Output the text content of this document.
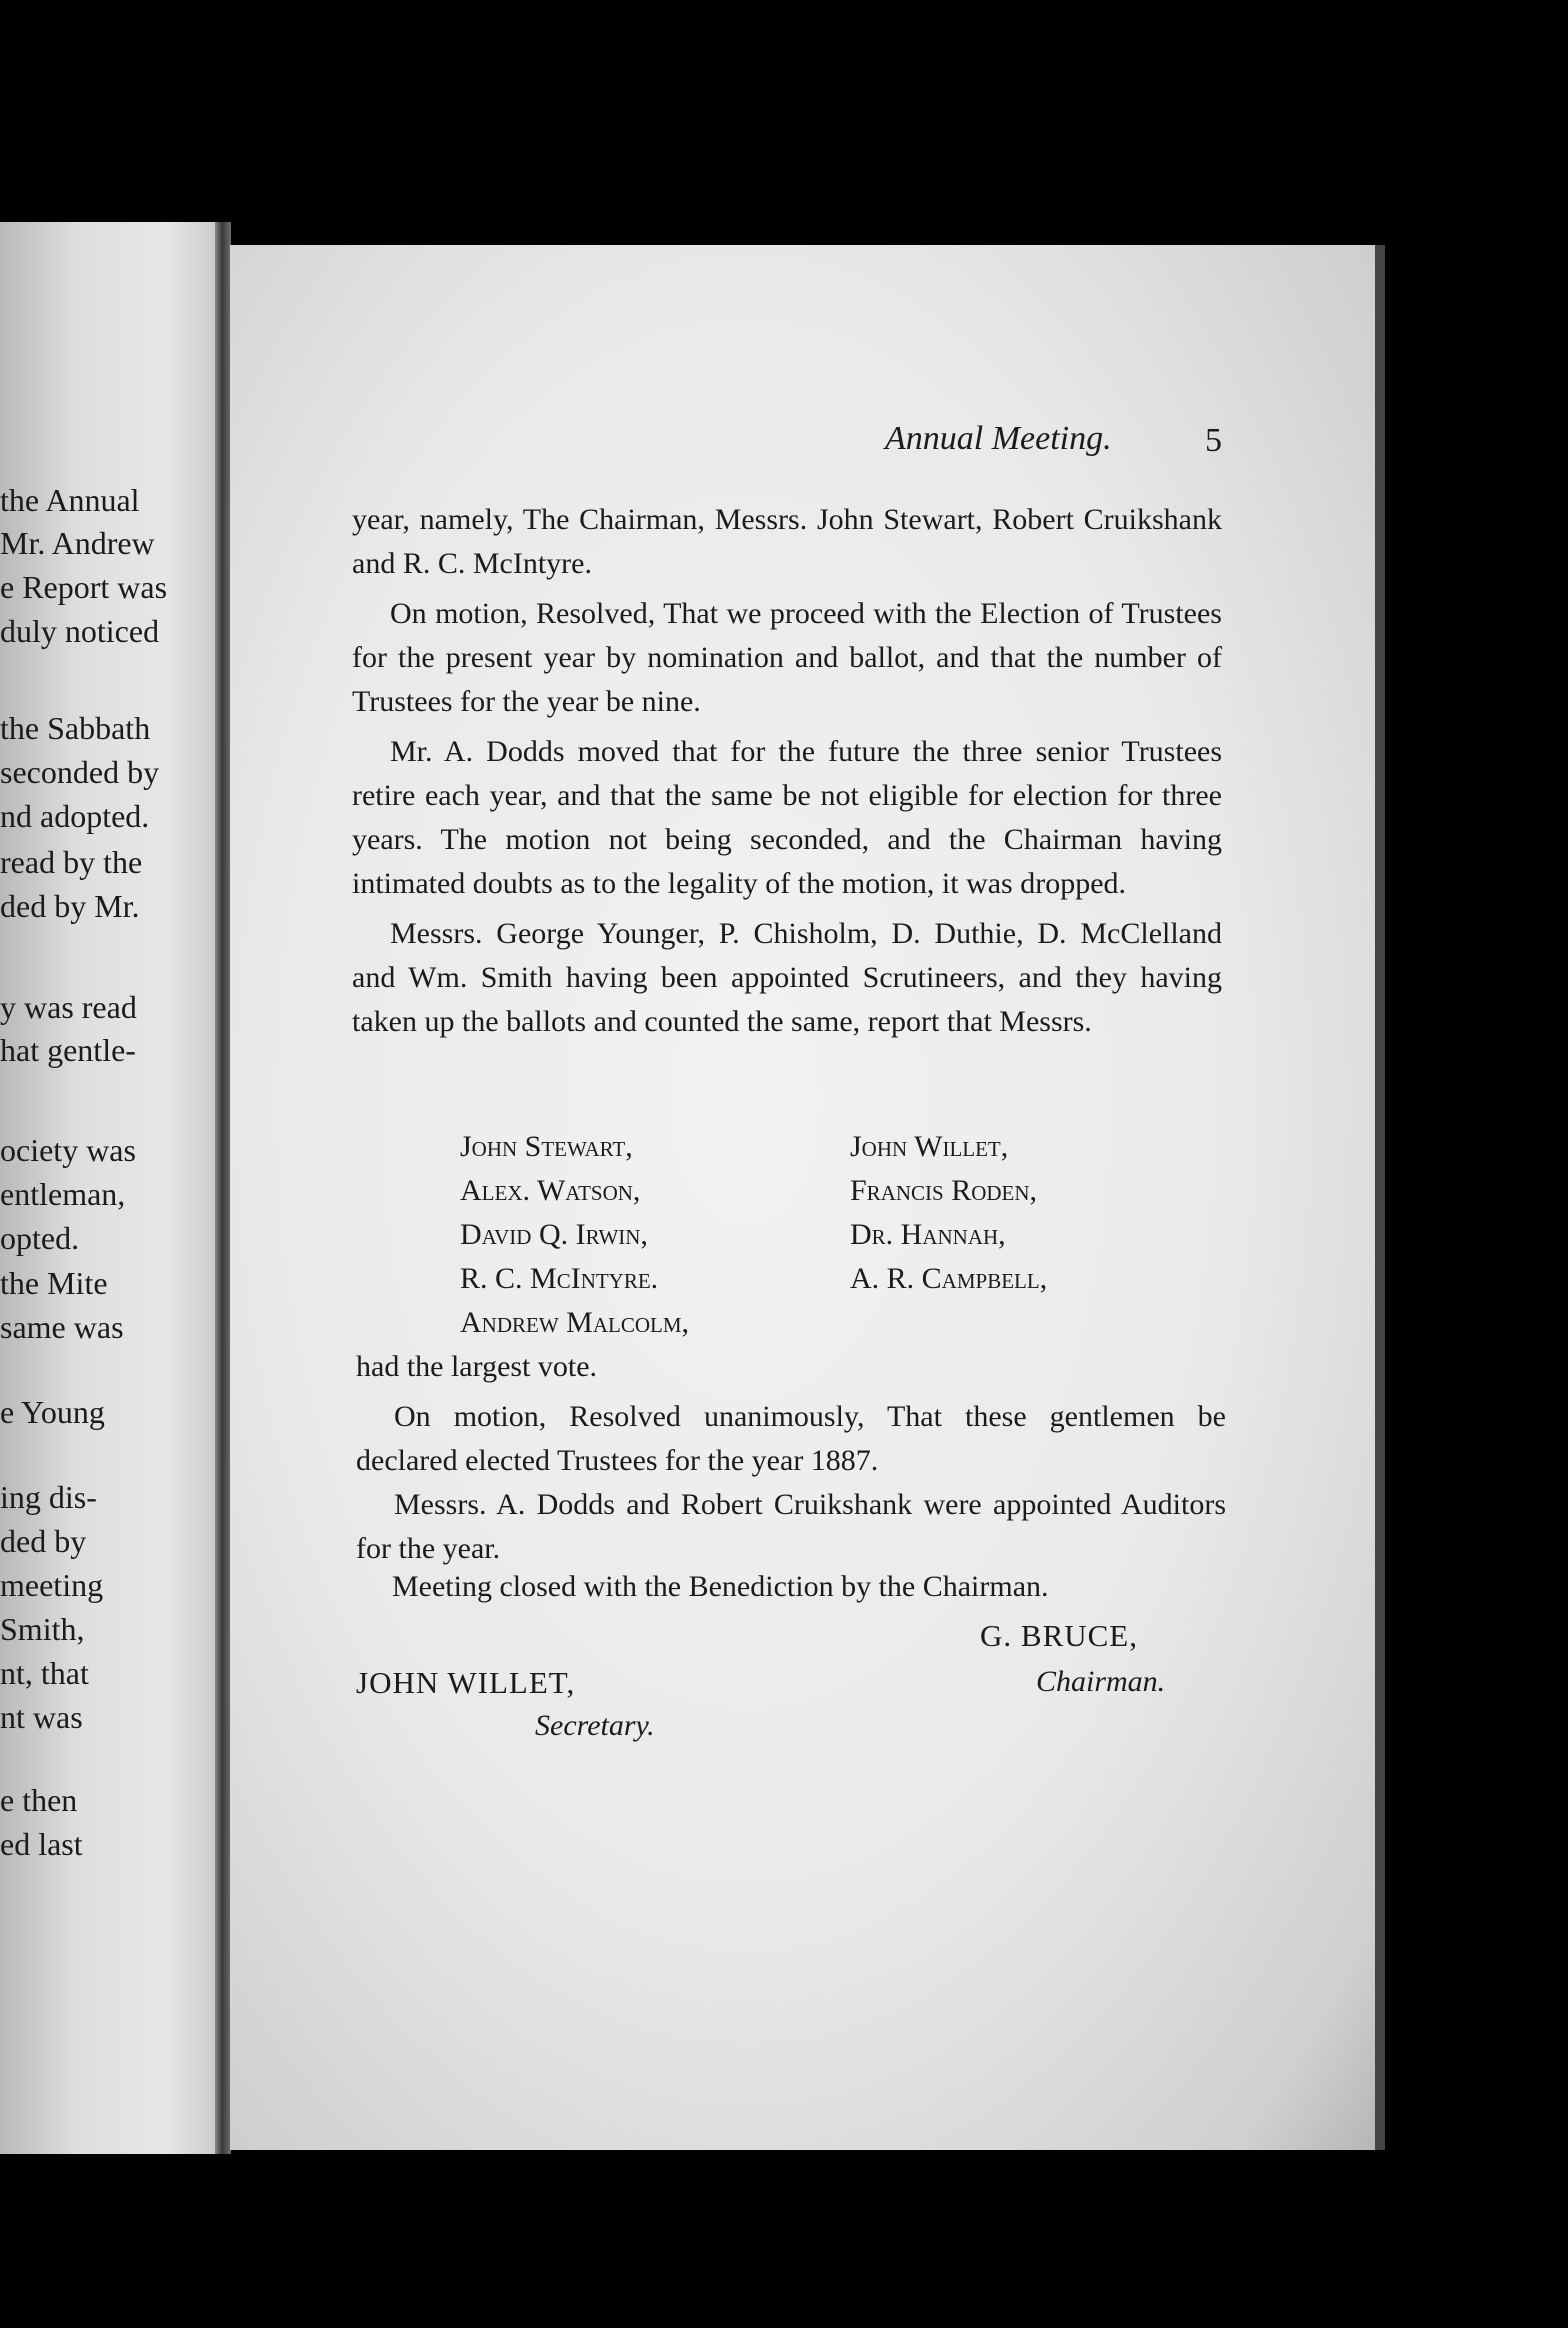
the Annual
Mr. Andrew
e Report was
duly noticed
the Sabbath
seconded by
nd adopted.
read by the
ded by Mr.
y was read
hat gentle-
ociety was
entleman,
opted.
the Mite
same was
e Young
ing dis-
ded by
meeting
Smith,
nt, that
nt was
e then
ed last
Annual Meeting.	5

year, namely, The Chairman, Messrs. John Stewart, Robert Cruikshank and R. C. McIntyre.

On motion, Resolved, That we proceed with the Election of Trustees for the present year by nomination and ballot, and that the number of Trustees for the year be nine.

Mr. A. Dodds moved that for the future the three senior Trustees retire each year, and that the same be not eligible for election for three years. The motion not being seconded, and the Chairman having intimated doubts as to the legality of the motion, it was dropped.

Messrs. George Younger, P. Chisholm, D. Duthie, D. McClelland and Wm. Smith having been appointed Scrutineers, and they having taken up the ballots and counted the same, report that Messrs.

John Stewart,
Alex. Watson,
David Q. Irwin,
R. C. McIntyre.
Andrew Malcolm,
John Willet,
Francis Roden,
Dr. Hannah,
A. R. Campbell,
had the largest vote.

On motion, Resolved unanimously, That these gentlemen be declared elected Trustees for the year 1887.

Messrs. A. Dodds and Robert Cruikshank were appointed Auditors for the year.

Meeting closed with the Benediction by the Chairman.
G. BRUCE,
Chairman.
JOHN WILLET,
Secretary.
